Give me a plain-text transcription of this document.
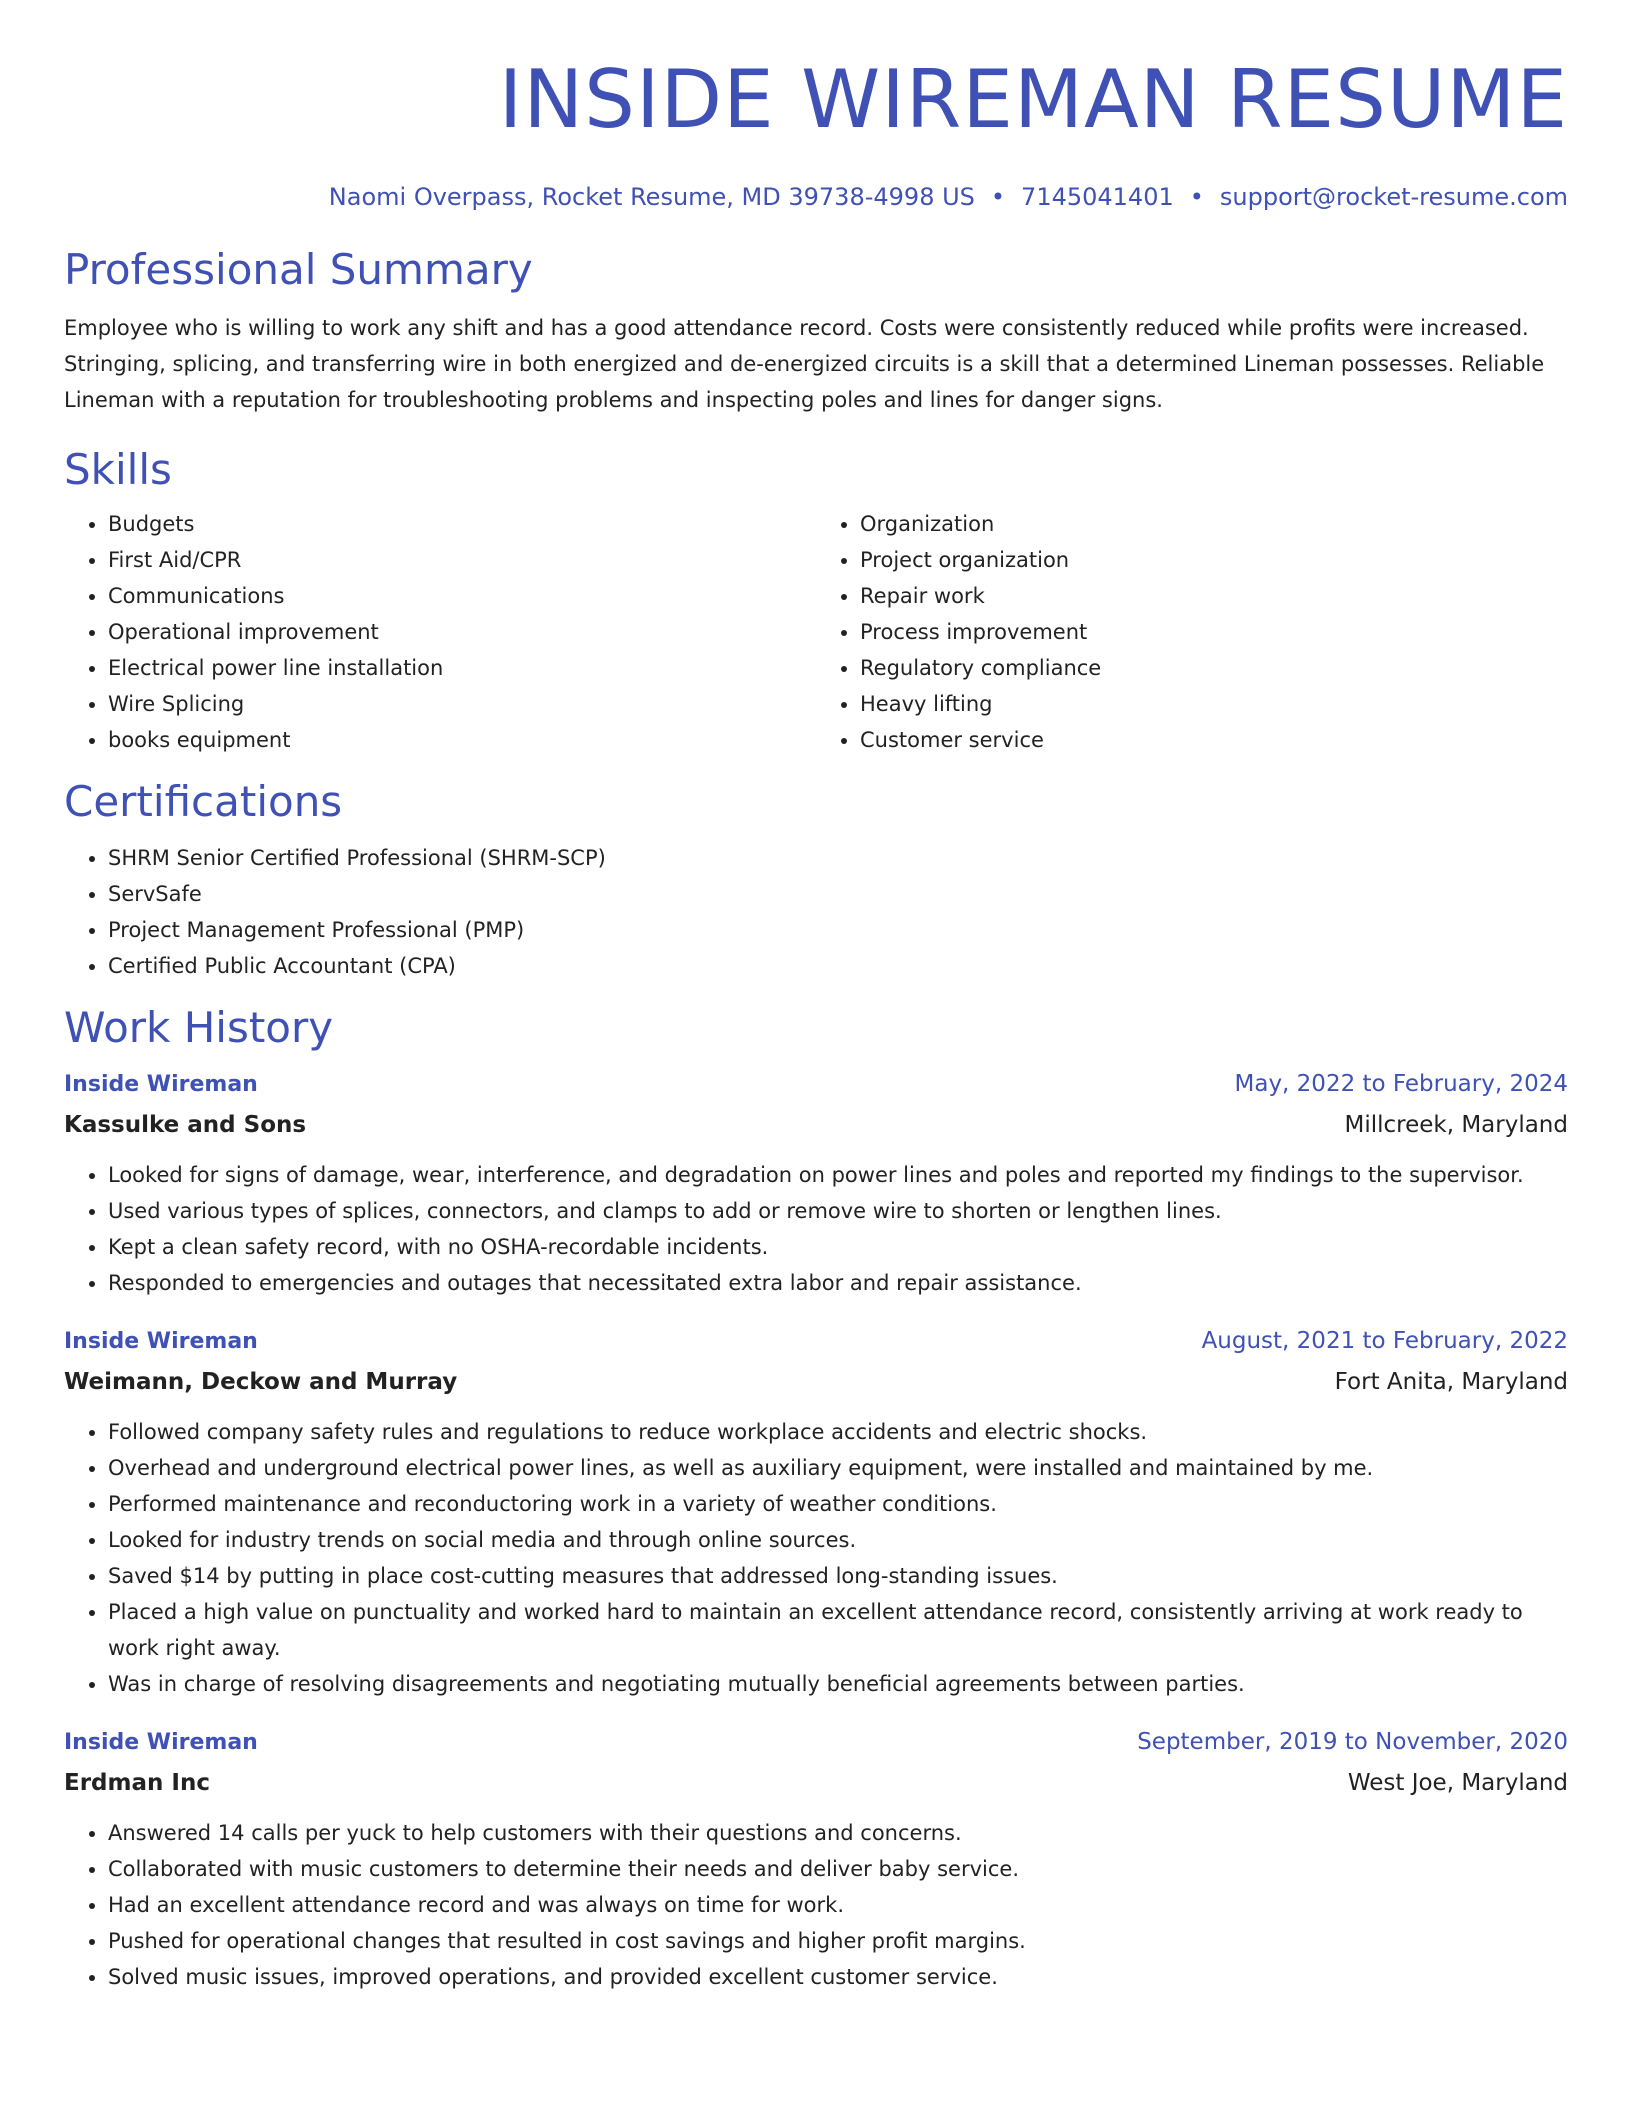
INSIDE WIREMAN RESUME
Naomi Overpass, Rocket Resume, MD 39738-4998 US • 7145041401 • support@rocket-resume.com
Professional Summary
Employee who is willing to work any shift and has a good attendance record. Costs were consistently reduced while profits were increased. Stringing, splicing, and transferring wire in both energized and de-energized circuits is a skill that a determined Lineman possesses. Reliable Lineman with a reputation for troubleshooting problems and inspecting poles and lines for danger signs.
Skills
• Budgets
• First Aid/CPR
• Communications
• Operational improvement
• Electrical power line installation
• Wire Splicing
• books equipment
• Organization
• Project organization
• Repair work
• Process improvement
• Regulatory compliance
• Heavy lifting
• Customer service
Certifications
• SHRM Senior Certified Professional (SHRM-SCP)
• ServSafe
• Project Management Professional (PMP)
• Certified Public Accountant (CPA)
Work History
Inside Wireman	May, 2022 to February, 2024
Kassulke and Sons	Millcreek, Maryland
• Looked for signs of damage, wear, interference, and degradation on power lines and poles and reported my findings to the supervisor.
• Used various types of splices, connectors, and clamps to add or remove wire to shorten or lengthen lines.
• Kept a clean safety record, with no OSHA-recordable incidents.
• Responded to emergencies and outages that necessitated extra labor and repair assistance.
Inside Wireman	August, 2021 to February, 2022
Weimann, Deckow and Murray	Fort Anita, Maryland
• Followed company safety rules and regulations to reduce workplace accidents and electric shocks.
• Overhead and underground electrical power lines, as well as auxiliary equipment, were installed and maintained by me.
• Performed maintenance and reconductoring work in a variety of weather conditions.
• Looked for industry trends on social media and through online sources.
• Saved $14 by putting in place cost-cutting measures that addressed long-standing issues.
• Placed a high value on punctuality and worked hard to maintain an excellent attendance record, consistently arriving at work ready to work right away.
• Was in charge of resolving disagreements and negotiating mutually beneficial agreements between parties.
Inside Wireman	September, 2019 to November, 2020
Erdman Inc	West Joe, Maryland
• Answered 14 calls per yuck to help customers with their questions and concerns.
• Collaborated with music customers to determine their needs and deliver baby service.
• Had an excellent attendance record and was always on time for work.
• Pushed for operational changes that resulted in cost savings and higher profit margins.
• Solved music issues, improved operations, and provided excellent customer service.
